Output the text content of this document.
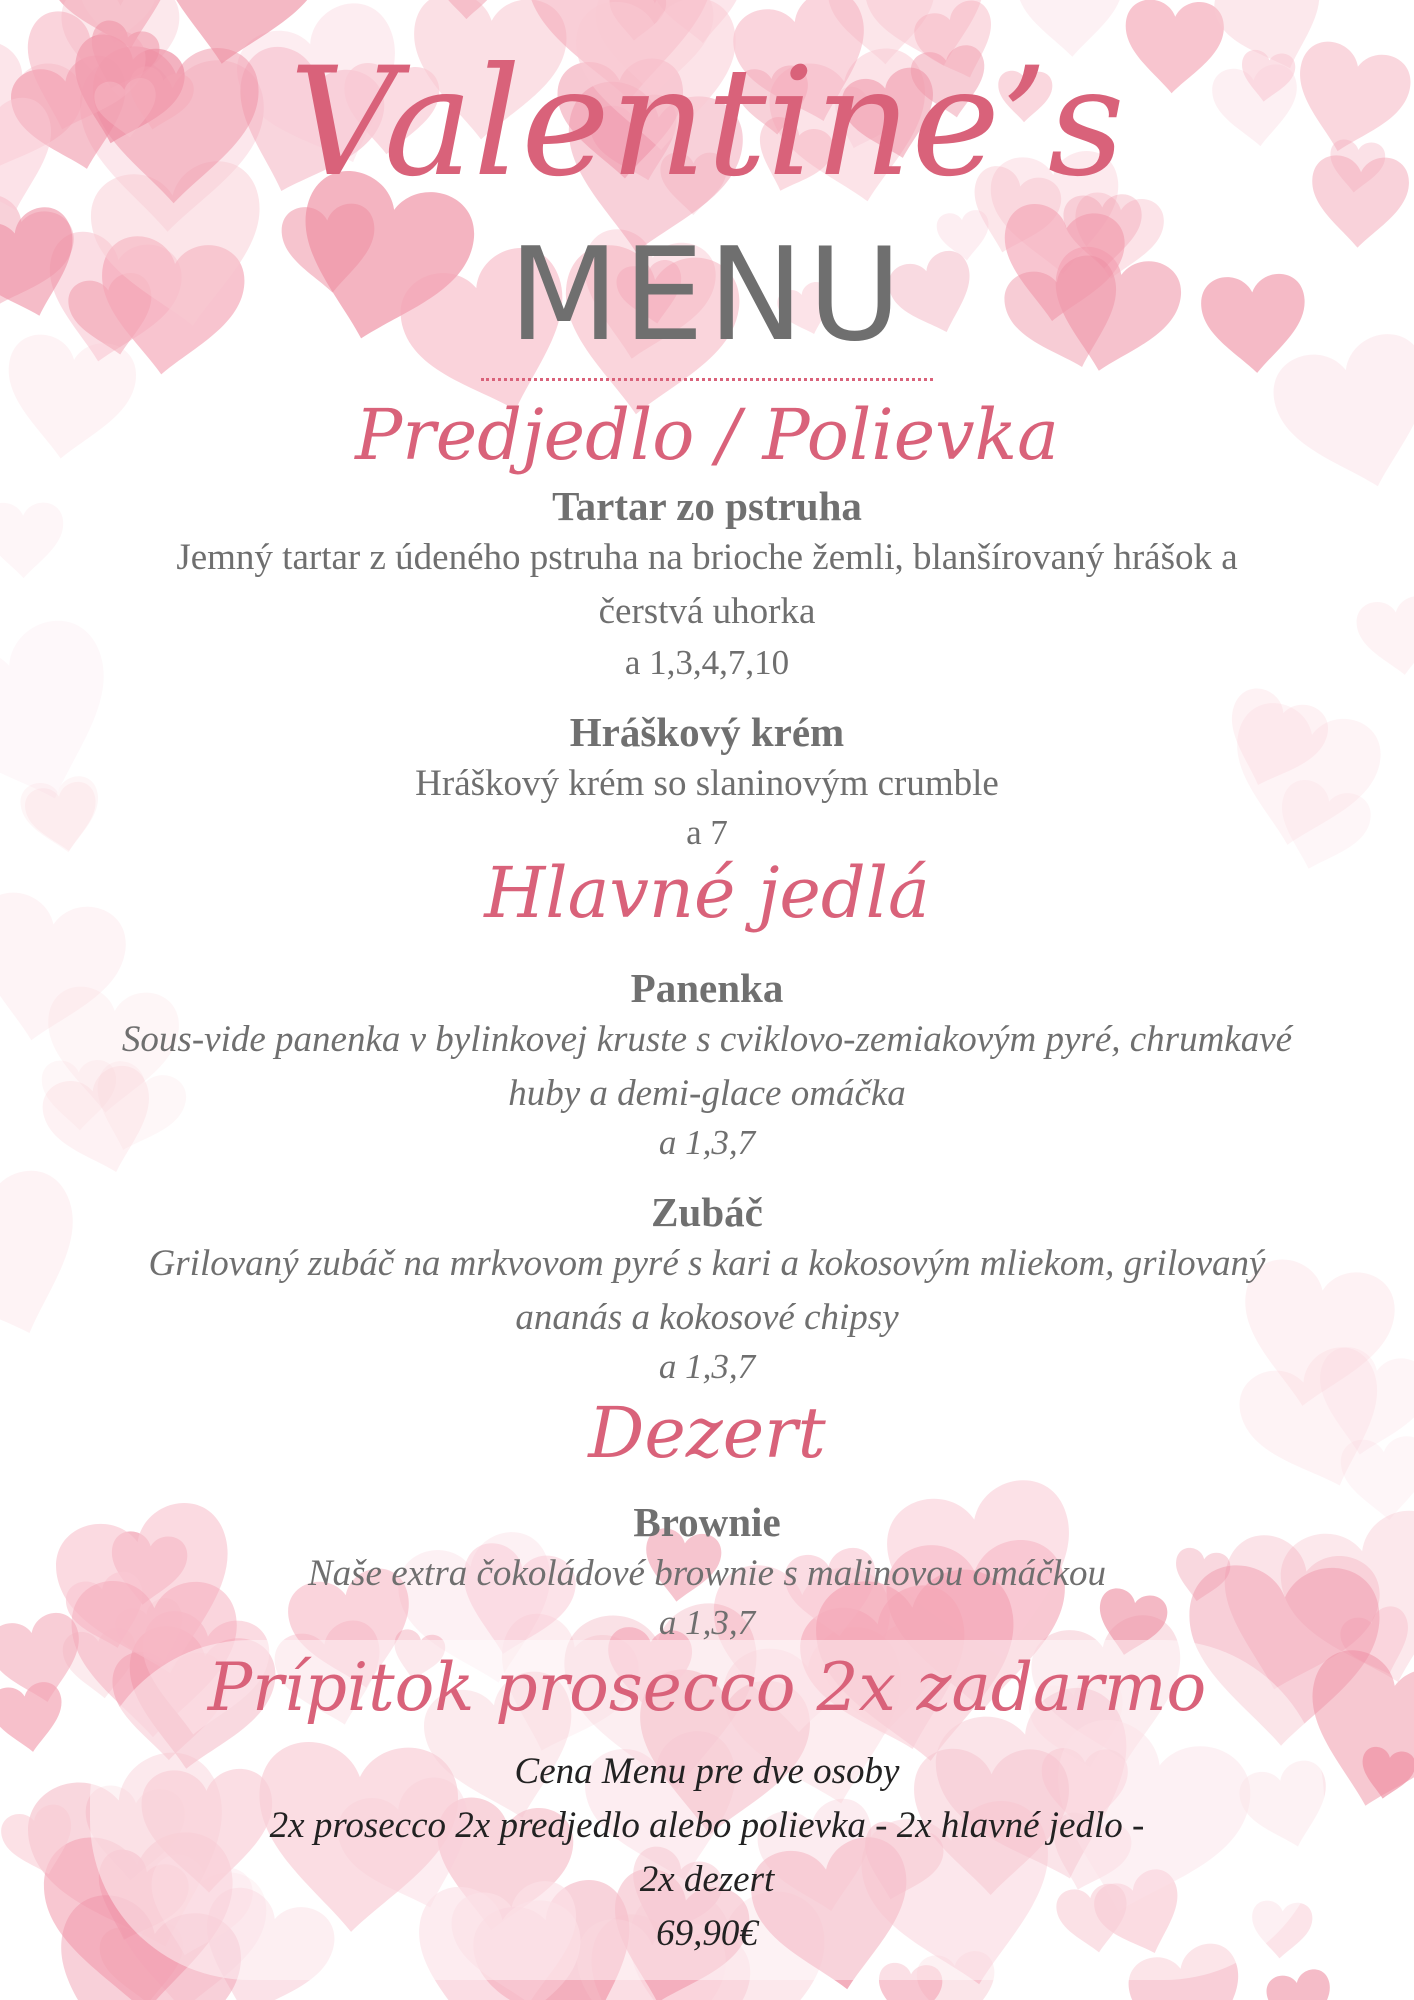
Valentine’s
MENU
Predjedlo / Polievka
Tartar zo pstruha
Jemný tartar z údeného pstruha na brioche žemli, blanšírovaný hrášok a
čerstvá uhorka
a 1,3,4,7,10
Hráškový krém
Hráškový krém so slaninovým crumble
a 7
Hlavné jedlá
Panenka
Sous-vide panenka v bylinkovej kruste s cviklovo-zemiakovým pyré, chrumkavé
huby a demi-glace omáčka
a 1,3,7
Zubáč
Grilovaný zubáč na mrkvovom pyré s kari a kokosovým mliekom, grilovaný
ananás a kokosové chipsy
a 1,3,7
Dezert
Brownie
Naše extra čokoládové brownie s malinovou omáčkou
a 1,3,7
Prípitok prosecco 2x zadarmo
Cena Menu pre dve osoby
2x prosecco 2x predjedlo alebo polievka - 2x hlavné jedlo -
2x dezert
69,90€
